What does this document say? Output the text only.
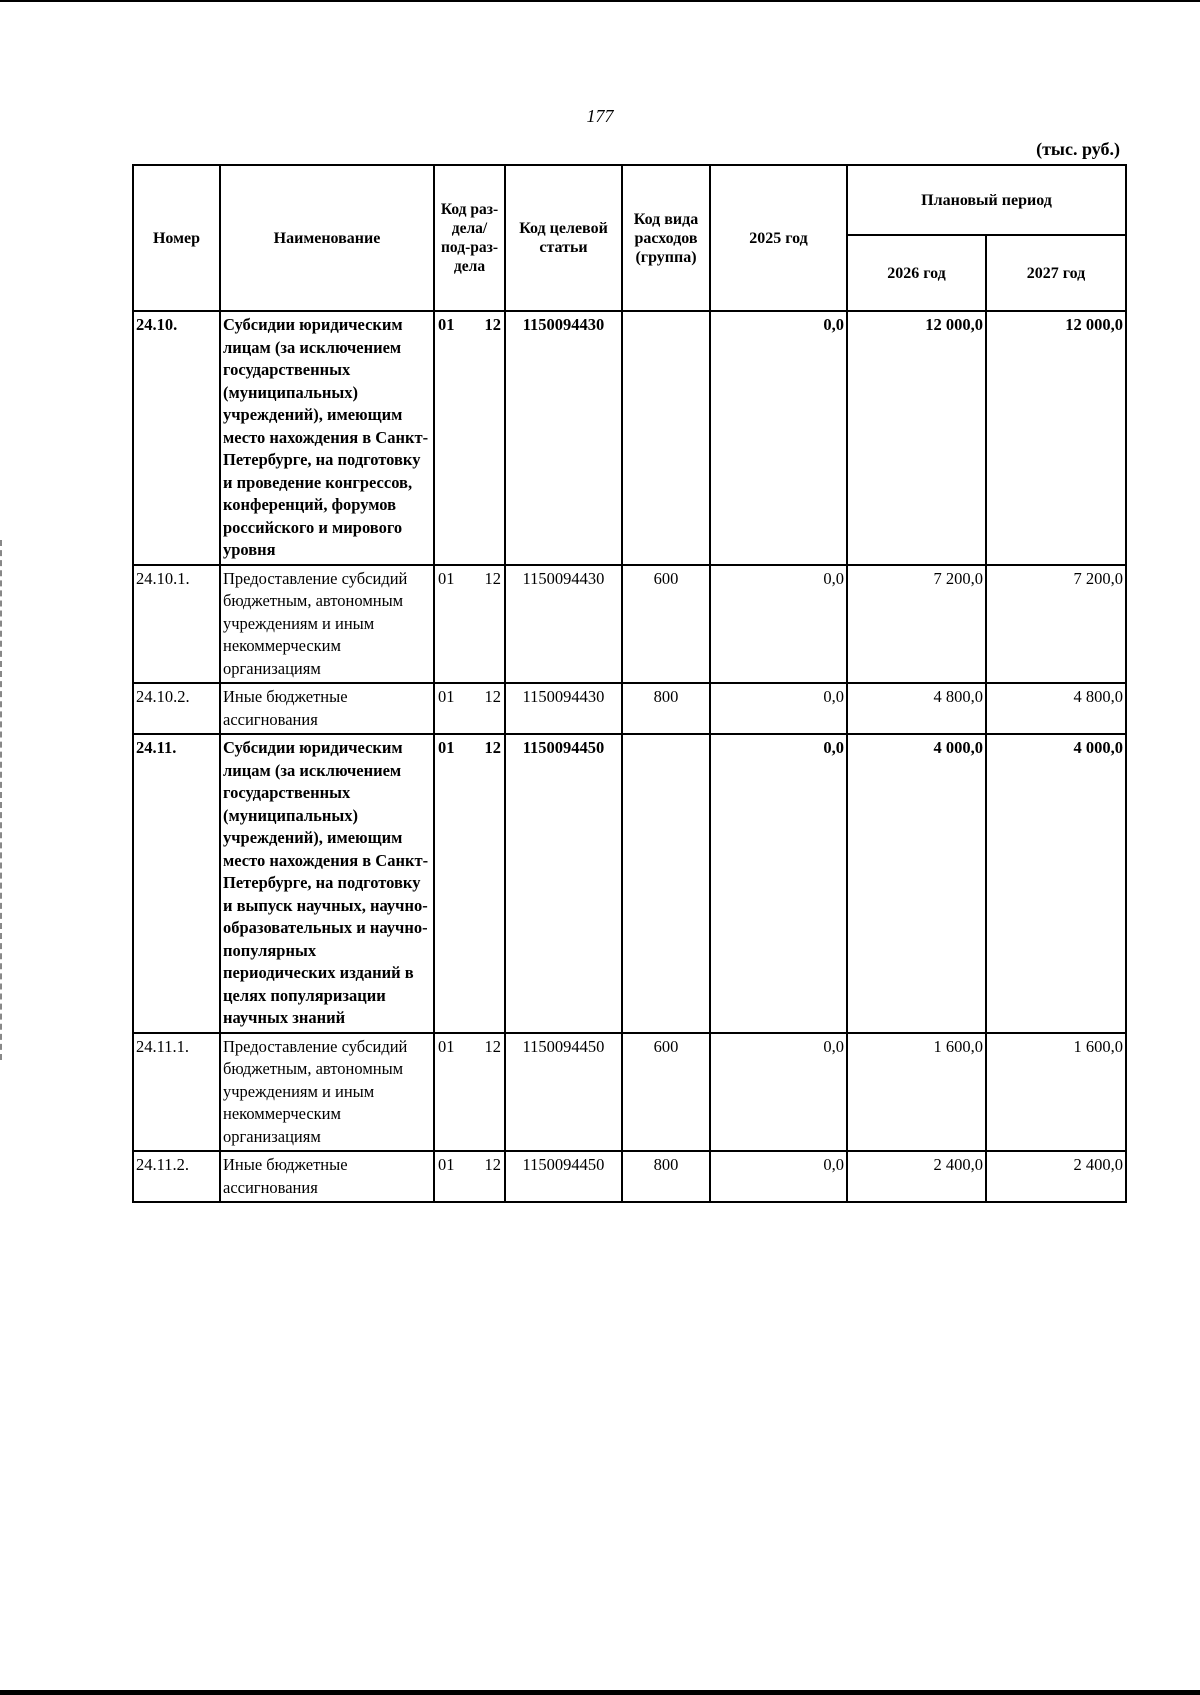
177
(тыс. руб.)
Номер	Наименование	Код раз-дела/ под-раз-дела	Код целевой статьи	Код вида расходов (группа)	2025 год	Плановый период	
						2026 год	2027 год
24.10.	Субсидии юридическим лицам (за исключением государственных (муниципальных) учреждений), имеющим место нахождения в Санкт-Петербурге, на подготовку и проведение конгрессов, конференций, форумов российского и мирового уровня	01 12	1150094430		0,0	12 000,0	12 000,0
24.10.1.	Предоставление субсидий бюджетным, автономным учреждениям и иным некоммерческим организациям	01 12	1150094430	600	0,0	7 200,0	7 200,0
24.10.2.	Иные бюджетные ассигнования	01 12	1150094430	800	0,0	4 800,0	4 800,0
24.11.	Субсидии юридическим лицам (за исключением государственных (муниципальных) учреждений), имеющим место нахождения в Санкт-Петербурге, на подготовку и выпуск научных, научно-образовательных и научно-популярных периодических изданий в целях популяризации научных знаний	01 12	1150094450		0,0	4 000,0	4 000,0
24.11.1.	Предоставление субсидий бюджетным, автономным учреждениям и иным некоммерческим организациям	01 12	1150094450	600	0,0	1 600,0	1 600,0
24.11.2.	Иные бюджетные ассигнования	01 12	1150094450	800	0,0	2 400,0	2 400,0
